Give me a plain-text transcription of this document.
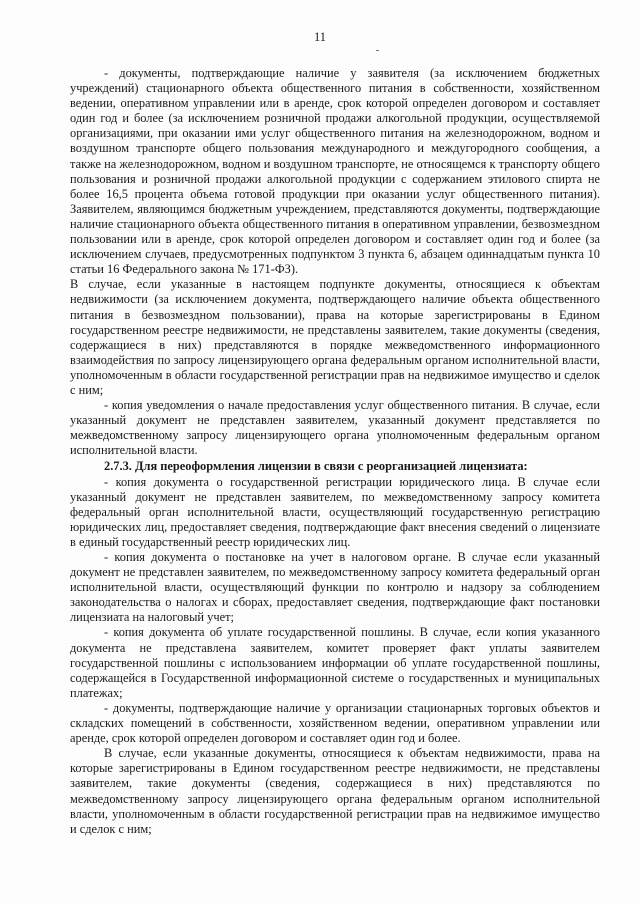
11

- документы, подтверждающие наличие у заявителя (за исключением бюджетных учреждений) стационарного объекта общественного питания в собственности, хозяйственном ведении, оперативном управлении или в аренде, срок которой определен договором и составляет один год и более (за исключением розничной продажи алкогольной продукции, осуществляемой организациями, при оказании ими услуг общественного питания на железнодорожном, водном и воздушном транспорте общего пользования международного и междугородного сообщения, а также на железнодорожном, водном и воздушном транспорте, не относящемся к транспорту общего пользования и розничной продажи алкогольной продукции с содержанием этилового спирта не более 16,5 процента объема готовой продукции при оказании услуг общественного питания). Заявителем, являющимся бюджетным учреждением, представляются документы, подтверждающие наличие стационарного объекта общественного питания в оперативном управлении, безвозмездном пользовании или в аренде, срок которой определен договором и составляет один год и более (за исключением случаев, предусмотренных подпунктом 3 пункта 6, абзацем одиннадцатым пункта 10 статьи 16 Федерального закона № 171-ФЗ).

В случае, если указанные в настоящем подпункте документы, относящиеся к объектам недвижимости (за исключением документа, подтверждающего наличие объекта общественного питания в безвозмездном пользовании), права на которые зарегистрированы в Едином государственном реестре недвижимости, не представлены заявителем, такие документы (сведения, содержащиеся в них) представляются в порядке межведомственного информационного взаимодействия по запросу лицензирующего органа федеральным органом исполнительной власти, уполномоченным в области государственной регистрации прав на недвижимое имущество и сделок с ним;

- копия уведомления о начале предоставления услуг общественного питания. В случае, если указанный документ не представлен заявителем, указанный документ представляется по межведомственному запросу лицензирующего органа уполномоченным федеральным органом исполнительной власти.

2.7.3. Для переоформления лицензии в связи с реорганизацией лицензиата:

- копия документа о государственной регистрации юридического лица. В случае если указанный документ не представлен заявителем, по межведомственному запросу комитета федеральный орган исполнительной власти, осуществляющий государственную регистрацию юридических лиц, предоставляет сведения, подтверждающие факт внесения сведений о лицензиате в единый государственный реестр юридических лиц.

- копия документа о постановке на учет в налоговом органе. В случае если указанный документ не представлен заявителем, по межведомственному запросу комитета федеральный орган исполнительной власти, осуществляющий функции по контролю и надзору за соблюдением законодательства о налогах и сборах, предоставляет сведения, подтверждающие факт постановки лицензиата на налоговый учет;

- копия документа об уплате государственной пошлины. В случае, если копия указанного документа не представлена заявителем, комитет проверяет факт уплаты заявителем государственной пошлины с использованием информации об уплате государственной пошлины, содержащейся в Государственной информационной системе о государственных и муниципальных платежах;

- документы, подтверждающие наличие у организации стационарных торговых объектов и складских помещений в собственности, хозяйственном ведении, оперативном управлении или аренде, срок которой определен договором и составляет один год и более.

В случае, если указанные документы, относящиеся к объектам недвижимости, права на которые зарегистрированы в Едином государственном реестре недвижимости, не представлены заявителем, такие документы (сведения, содержащиеся в них) представляются по межведомственному запросу лицензирующего органа федеральным органом исполнительной власти, уполномоченным в области государственной регистрации прав на недвижимое имущество и сделок с ним;
